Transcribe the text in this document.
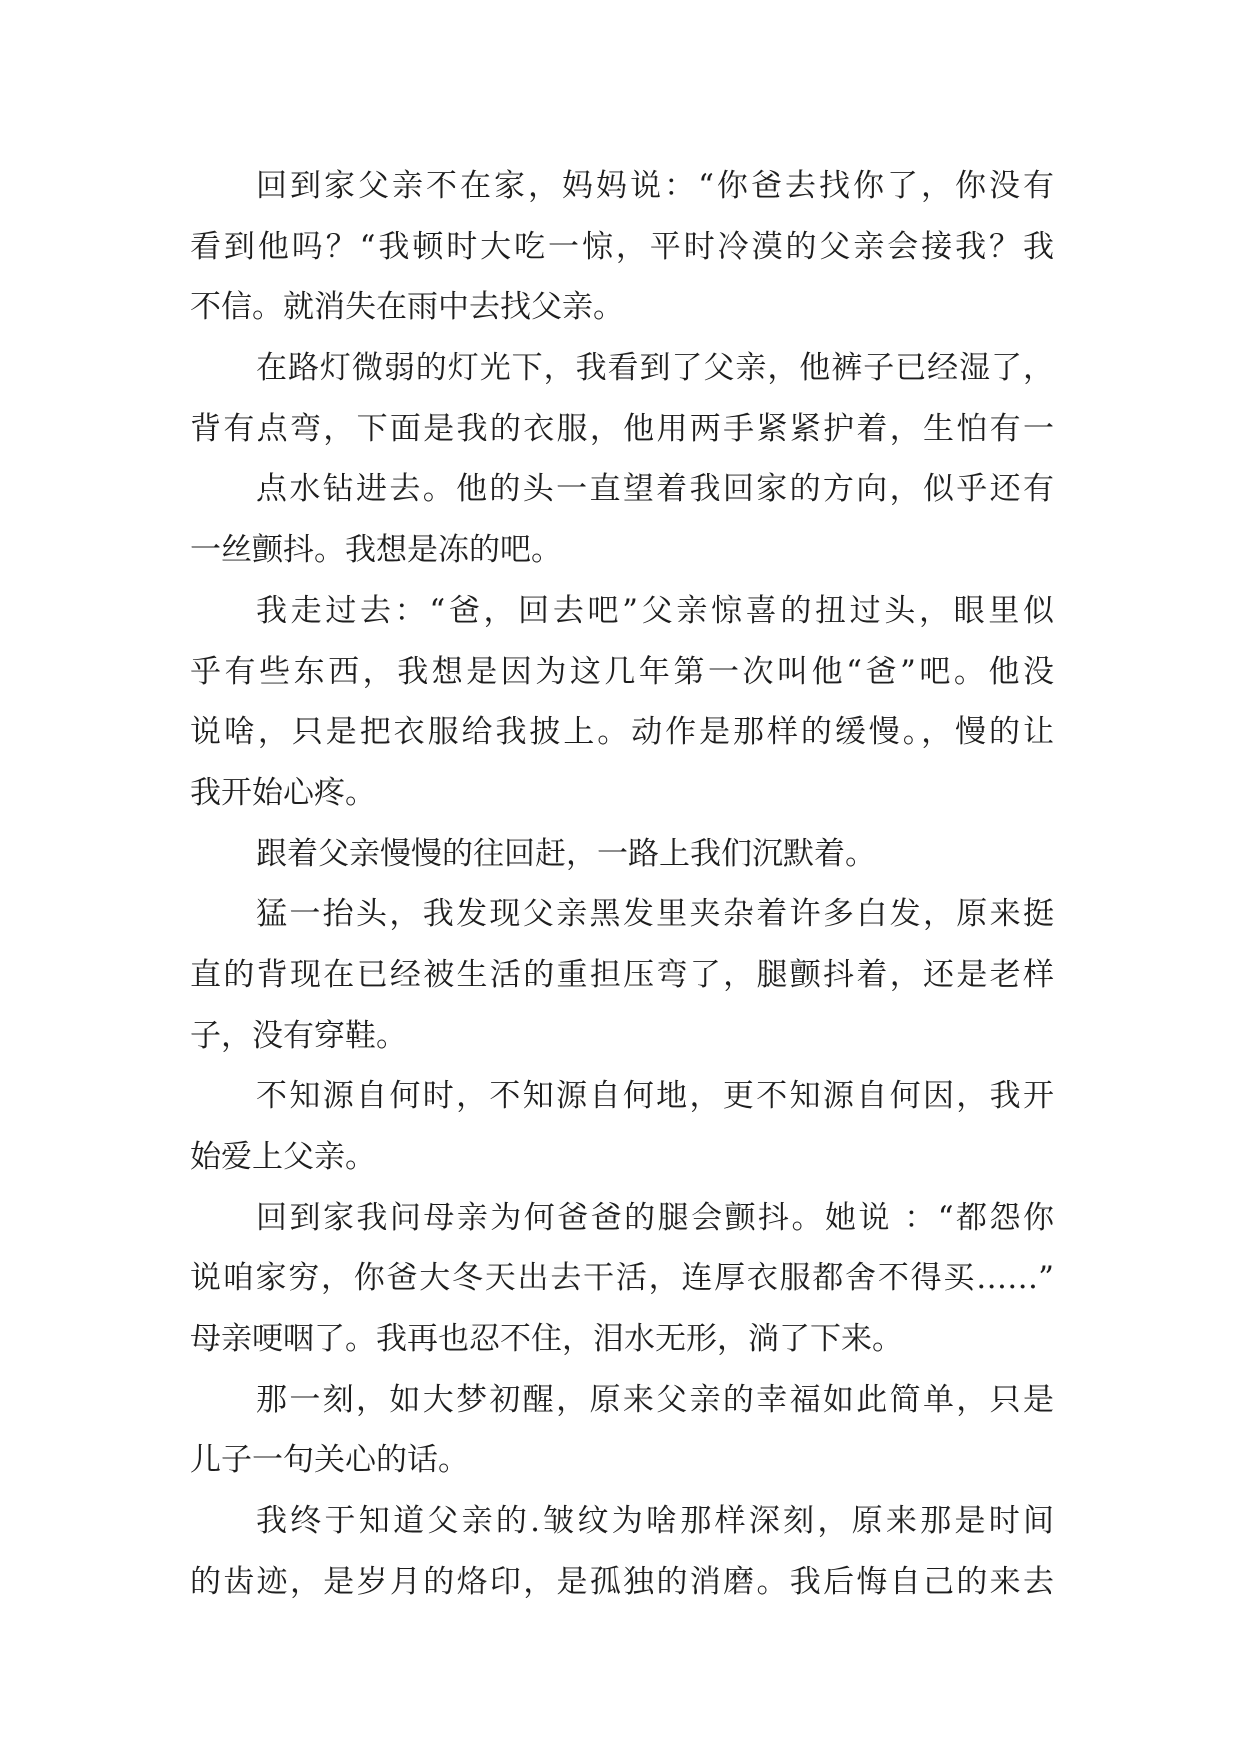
回到家父亲不在家，妈妈说：“你爸去找你了，你没有
看到他吗？“我顿时大吃一惊，平时冷漠的父亲会接我？我
不信。就消失在雨中去找父亲。
在路灯微弱的灯光下，我看到了父亲，他裤子已经湿了，
背有点弯，下面是我的衣服，他用两手紧紧护着，生怕有一
点水钻进去。他的头一直望着我回家的方向，似乎还有
一丝颤抖。我想是冻的吧。
我走过去：“爸，回去吧”父亲惊喜的扭过头，眼里似
乎有些东西，我想是因为这几年第一次叫他“爸”吧。他没
说啥，只是把衣服给我披上。动作是那样的缓慢。，慢的让
我开始心疼。
跟着父亲慢慢的往回赶，一路上我们沉默着。
猛一抬头，我发现父亲黑发里夹杂着许多白发，原来挺
直的背现在已经被生活的重担压弯了，腿颤抖着，还是老样
子，没有穿鞋。
不知源自何时，不知源自何地，更不知源自何因，我开
始爱上父亲。
回到家我问母亲为何爸爸的腿会颤抖。她说 ：“都怨你
说咱家穷，你爸大冬天出去干活，连厚衣服都舍不得买……”
母亲哽咽了。我再也忍不住，泪水无形，淌了下来。
那一刻，如大梦初醒，原来父亲的幸福如此简单，只是
儿子一句关心的话。
我终于知道父亲的.皱纹为啥那样深刻，原来那是时间
的齿迹，是岁月的烙印，是孤独的消磨。我后悔自己的来去
